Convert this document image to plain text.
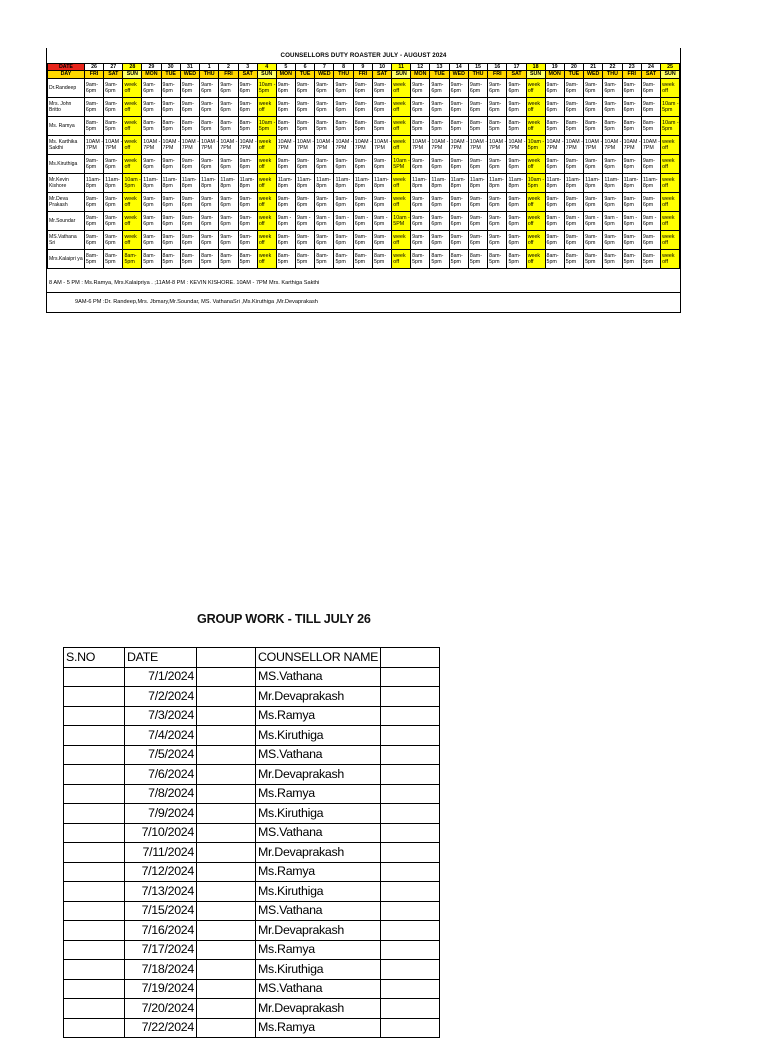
COUNSELLORS DUTY ROASTER JULY - AUGUST 2024
DATE	26	27	28	29	30	31	1	2	3	4	5	6	7	8	9	10	11	12	13	14	15	16	17	18	19	20	21	22	23	24	25
DAY	FRI	SAT	SUN	MON	TUE	WED	THU	FRI	SAT	SUN	MON	TUE	WED	THU	FRI	SAT	SUN	MON	TUE	WED	THU	FRI	SAT	SUN	MON	TUE	WED	THU	FRI	SAT	SUN
Dr.Randeep	9am-6pm	9am-6pm	week off	9am-6pm	9am-6pm	9am-6pm	9am-6pm	9am-6pm	9am-6pm	10am - 5pm	9am-6pm	9am-6pm	9am-6pm	9am-6pm	9am-6pm	9am-6pm	week off	9am-6pm	9am-6pm	9am-6pm	9am-6pm	9am-6pm	9am-6pm	week off	9am-6pm	9am-6pm	9am-6pm	9am-6pm	9am-6pm	9am-6pm	week off
Mrs. John Britto	9am-6pm	9am-6pm	week off	9am-6pm	9am-6pm	9am-6pm	9am-6pm	9am-6pm	9am-6pm	week off	9am-6pm	9am-6pm	9am-6pm	9am-6pm	9am-6pm	9am-6pm	week off	9am-6pm	9am-6pm	9am-6pm	9am-6pm	9am-6pm	9am-6pm	week off	9am-6pm	9am-6pm	9am-6pm	9am-6pm	9am-6pm	9am-6pm	10am - 5pm
Ms. Ramya	8am-5pm	8am-5pm	week off	8am-5pm	8am-5pm	8am-5pm	8am-5pm	8am-5pm	8am-5pm	10am - 5pm	8am-5pm	8am-5pm	8am-5pm	8am-5pm	8am-5pm	8am-5pm	week off	8am-5pm	8am-5pm	8am-5pm	8am-5pm	8am-5pm	8am-5pm	week off	8am-5pm	8am-5pm	8am-5pm	8am-5pm	8am-5pm	8am-5pm	10am - 5pm
Ms. Karthika Sakthi	10AM - 7PM	10AM - 7PM	week off	10AM - 7PM	10AM - 7PM	10AM - 7PM	10AM - 7PM	10AM - 7PM	10AM - 7PM	week off	10AM - 7PM	10AM - 7PM	10AM - 7PM	10AM - 7PM	10AM - 7PM	10AM - 7PM	week off	10AM - 7PM	10AM - 7PM	10AM - 7PM	10AM - 7PM	10AM - 7PM	10AM - 7PM	10am - 5pm	10AM - 7PM	10AM - 7PM	10AM - 7PM	10AM - 7PM	10AM - 7PM	10AM - 7PM	week off
Ms.Kiruthiga	9am-6pm	9am-6pm	week off	9am-6pm	9am-6pm	9am-6pm	9am-6pm	9am-6pm	9am-6pm	week off	9am-6pm	9am-6pm	9am-6pm	9am-6pm	9am-6pm	9am-6pm	10am - 5PM	9am-6pm	9am-6pm	9am-6pm	9am-6pm	9am-6pm	9am-6pm	week off	9am-6pm	9am-6pm	9am-6pm	9am-6pm	9am-6pm	9am-6pm	week off
Mr.Kevin Kishore	11am-8pm	11am-8pm	10am - 5pm	11am-8pm	11am-8pm	11am-8pm	11am-8pm	11am-8pm	11am-8pm	week off	11am-8pm	11am-8pm	11am-8pm	11am-8pm	11am-8pm	11am-8pm	week off	11am-8pm	11am-8pm	11am-8pm	11am-8pm	11am-8pm	11am-8pm	10am - 5pm	11am-8pm	11am-8pm	11am-8pm	11am-8pm	11am-8pm	11am-8pm	week off
Mr.Deva Prakash	9am-6pm	9am-6pm	week off	9am-6pm	9am-6pm	9am-6pm	9am-6pm	9am-6pm	9am-6pm	week off	9am-6pm	9am-6pm	9am-6pm	9am-6pm	9am-6pm	9am-6pm	week off	9am-6pm	9am-6pm	9am-6pm	9am-6pm	9am-6pm	9am-6pm	week off	9am-6pm	9am-6pm	9am-6pm	9am-6pm	9am-6pm	9am-6pm	week off
Mr.Soundar	9am-6pm	9am-6pm	week off	9am-6pm	9am-6pm	9am-6pm	9am-6pm	9am-6pm	9am-6pm	week off	9am - 6pm	9am - 6pm	9am - 6pm	9am - 6pm	9am - 6pm	9am - 6pm	10am - 5PM	9am-6pm	9am-6pm	9am-6pm	9am-6pm	9am-6pm	9am-6pm	week off	9am - 6pm	9am - 6pm	9am - 6pm	9am - 6pm	9am - 6pm	9am - 6pm	week off
MS.Vathana Sri	9am-6pm	9am-6pm	week off	9am-6pm	9am-6pm	9am-6pm	9am-6pm	9am-6pm	9am-6pm	week off	9am-6pm	9am-6pm	9am-6pm	9am-6pm	9am-6pm	9am-6pm	week off	9am-6pm	9am-6pm	9am-6pm	9am-6pm	9am-6pm	9am-6pm	week off	9am-6pm	9am-6pm	9am-6pm	9am-6pm	9am-6pm	9am-6pm	week off
Mrs.Kalaipri ya	8am-5pm	8am-5pm	8am-5pm	8am-5pm	8am-5pm	8am-5pm	8am-5pm	8am-5pm	8am-5pm	week off	8am-5pm	8am-5pm	8am-5pm	8am-5pm	8am-5pm	8am-5pm	week off	8am-5pm	8am-5pm	8am-5pm	8am-5pm	8am-5pm	8am-5pm	week off	8am-5pm	8am-5pm	8am-5pm	8am-5pm	8am-5pm	8am-5pm	week off
8 AM - 5 PM : Ms.Ramya, Mrs.Kalaipriya . ;11AM-8 PM : KEVIN KISHORE. 10AM - 7PM Mrs. Karthiga Sakthi
9AM-6 PM :Dr. Randeep,Mrs. Jbmary,Mr.Soundar, MS. VathanaSri ,Ms.Kiruthiga ,Mr.Devaprakash
GROUP WORK - TILL JULY 26
S.NO	DATE		COUNSELLOR NAME	
	7/1/2024		MS.Vathana	
	7/2/2024		Mr.Devaprakash	
	7/3/2024		Ms.Ramya	
	7/4/2024		Ms.Kiruthiga	
	7/5/2024		MS.Vathana	
	7/6/2024		Mr.Devaprakash	
	7/8/2024		Ms.Ramya	
	7/9/2024		Ms.Kiruthiga	
	7/10/2024		MS.Vathana	
	7/11/2024		Mr.Devaprakash	
	7/12/2024		Ms.Ramya	
	7/13/2024		Ms.Kiruthiga	
	7/15/2024		MS.Vathana	
	7/16/2024		Mr.Devaprakash	
	7/17/2024		Ms.Ramya	
	7/18/2024		Ms.Kiruthiga	
	7/19/2024		MS.Vathana	
	7/20/2024		Mr.Devaprakash	
	7/22/2024		Ms.Ramya	
